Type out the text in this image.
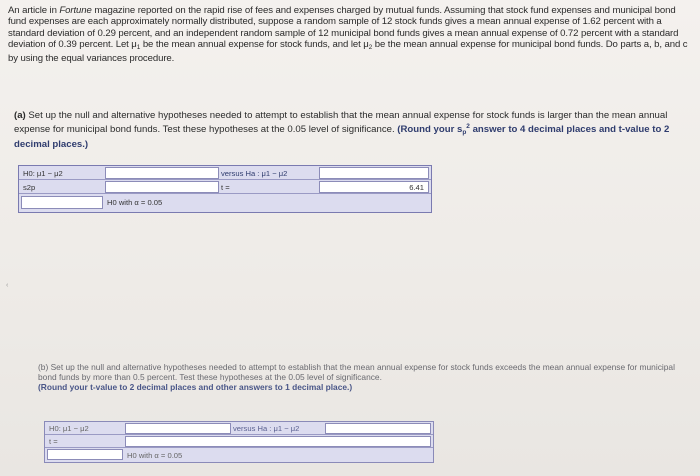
An article in Fortune magazine reported on the rapid rise of fees and expenses charged by mutual funds. Assuming that stock fund expenses and municipal bond fund expenses are each approximately normally distributed, suppose a random sample of 12 stock funds gives a mean annual expense of 1.62 percent with a standard deviation of 0.29 percent, and an independent random sample of 12 municipal bond funds gives a mean annual expense of 0.72 percent with a standard deviation of 0.39 percent. Let $\mu_1$ be the mean annual expense for stock funds, and let $\mu_2$ be the mean annual expense for municipal bond funds. Do parts a, b, and c by using the equal variances procedure.

(a) Set up the null and alternative hypotheses needed to attempt to establish that the mean annual expense for stock funds is larger than the mean annual expense for municipal bond funds. Test these hypotheses at the 0.05 level of significance. (Round your $s_p^2$ answer to 4 decimal places and t-value to 2 decimal places.)

H0: μ1 − μ2	versus Ha : μ1 − μ2
s2p	t =	6.41
H0 with α = 0.05
‹

(b) Set up the null and alternative hypotheses needed to attempt to establish that the mean annual expense for stock funds exceeds the mean annual expense for municipal bond funds by more than 0.5 percent. Test these hypotheses at the 0.05 level of significance.

(Round your t-value to 2 decimal places and other answers to 1 decimal place.)

H0: μ1 − μ2	versus Ha : μ1 − μ2
t =
H0 with α = 0.05
